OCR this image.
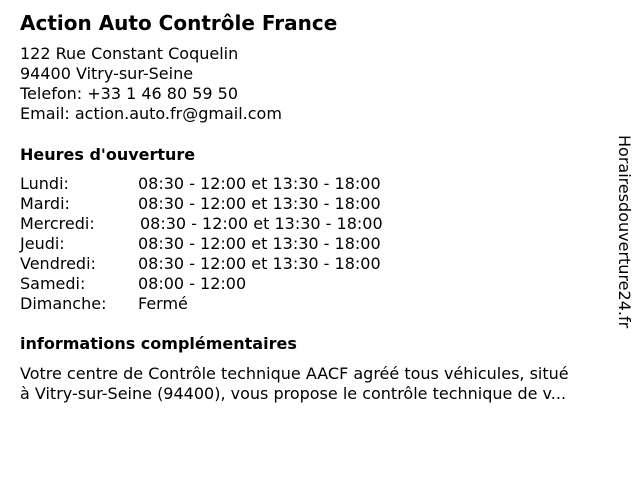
Action Auto Contrôle France
122 Rue Constant Coquelin
94400 Vitry-sur-Seine
Telefon: +33 1 46 80 59 50
Email: action.auto.fr@gmail.com
Heures d'ouverture
Lundi:	08:30 - 12:00 et 13:30 - 18:00
Mardi:	08:30 - 12:00 et 13:30 - 18:00
Mercredi:	08:30 - 12:00 et 13:30 - 18:00
Jeudi:	08:30 - 12:00 et 13:30 - 18:00
Vendredi:	08:30 - 12:00 et 13:30 - 18:00
Samedi:	08:00 - 12:00
Dimanche: Fermé
informations complémentaires
Votre centre de Contrôle technique AACF agréé tous véhicules, situé
à Vitry-sur-Seine (94400), vous propose le contrôle technique de v...
Horairesdouverture24.fr
